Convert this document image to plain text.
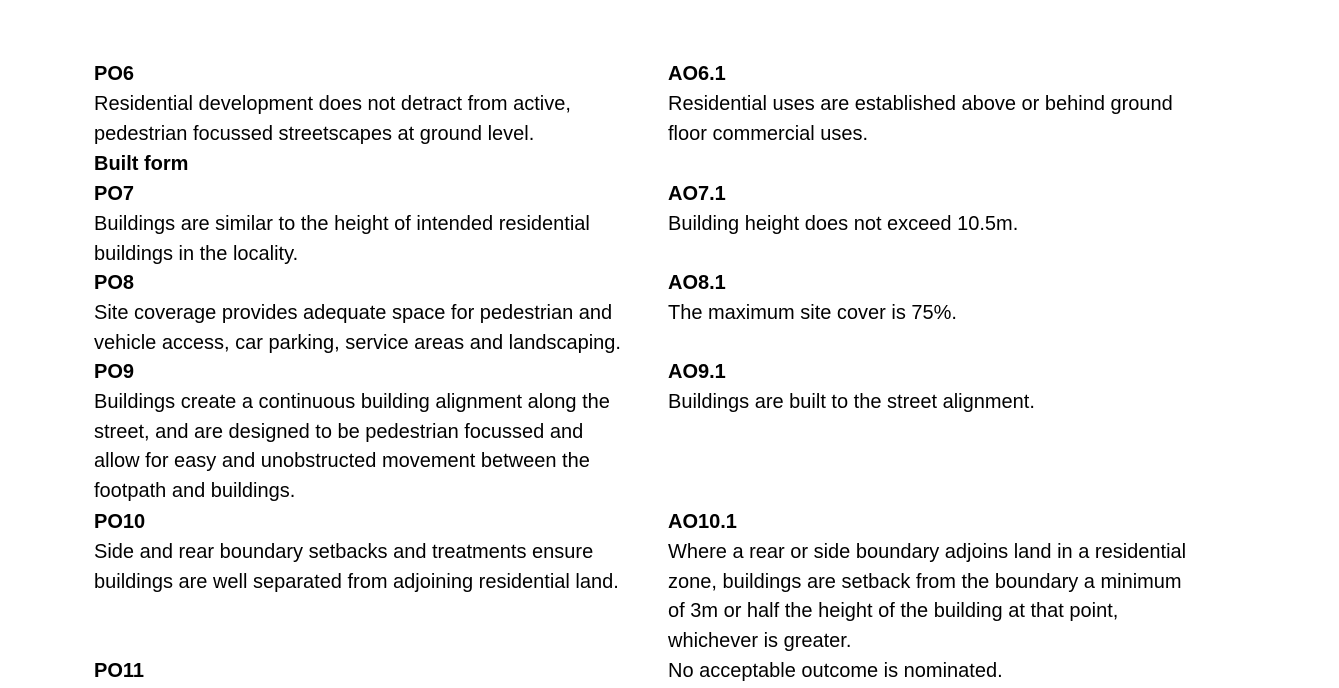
PO6
Residential development does not detract from active,
pedestrian focussed streetscapes at ground level.
AO6.1
Residential uses are established above or behind ground
floor commercial uses.
Built form
PO7
Buildings are similar to the height of intended residential
buildings in the locality.
AO7.1
Building height does not exceed 10.5m.
PO8
Site coverage provides adequate space for pedestrian and
vehicle access, car parking, service areas and landscaping.
AO8.1
The maximum site cover is 75%.
PO9
Buildings create a continuous building alignment along the
street, and are designed to be pedestrian focussed and
allow for easy and unobstructed movement between the
footpath and buildings.
AO9.1
Buildings are built to the street alignment.
PO10
Side and rear boundary setbacks and treatments ensure
buildings are well separated from adjoining residential land.
AO10.1
Where a rear or side boundary adjoins land in a residential
zone, buildings are setback from the boundary a minimum
of 3m or half the height of the building at that point,
whichever is greater.
PO11	No acceptable outcome is nominated.
